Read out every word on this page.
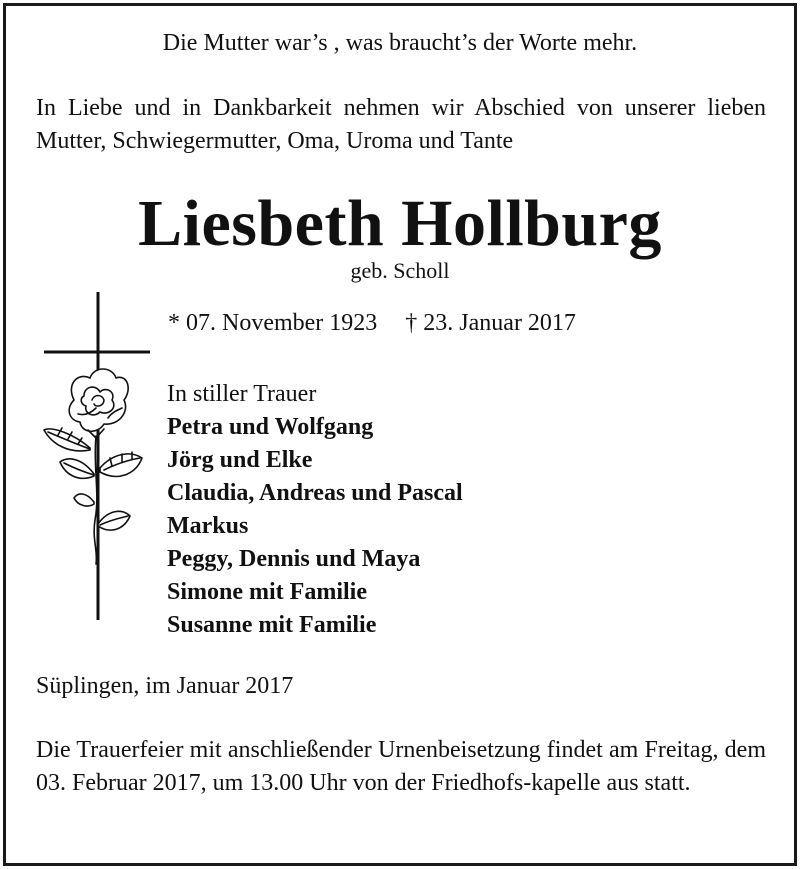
Die Mutter war’s , was braucht’s der Worte mehr.
In Liebe und in Dankbarkeit nehmen wir Abschied von unserer lieben Mutter, Schwiegermutter, Oma, Uroma und Tante
Liesbeth Hollburg
geb. Scholl
* 07. November 1923 † 23. Januar 2017
In stiller Trauer
Petra und Wolfgang
Jörg und Elke
Claudia, Andreas und Pascal
Markus
Peggy, Dennis und Maya
Simone mit Familie
Susanne mit Familie
Süplingen, im Januar 2017
Die Trauerfeier mit anschließender Urnenbeisetzung findet am Freitag, dem 03. Februar 2017, um 13.00 Uhr von der Friedhofs-kapelle aus statt.
